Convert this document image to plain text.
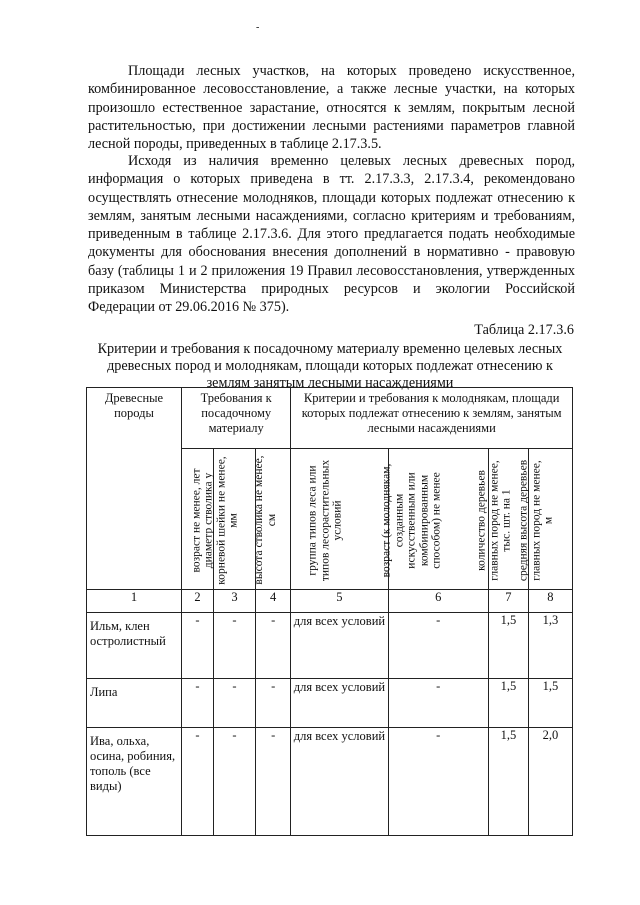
-

Площади лесных участков, на которых проведено искусственное, комбинированное лесовосстановление, а также лесные участки, на которых произошло естественное зарастание, относятся к землям, покрытым лесной растительностью, при достижении лесными растениями параметров главной лесной породы, приведенных в таблице 2.17.3.5.

Исходя из наличия временно целевых лесных древесных пород, информация о которых приведена в тт. 2.17.3.3, 2.17.3.4, рекомендовано осуществлять отнесение молодняков, площади которых подлежат отнесению к землям, занятым лесными насаждениями, согласно критериям и требованиям, приведенным в таблице 2.17.3.6. Для этого предлагается подать необходимые документы для обоснования внесения дополнений в нормативно - правовую базу (таблицы 1 и 2 приложения 19 Правил лесовосстановления, утвержденных приказом Министерства природных ресурсов и экологии Российской Федерации от 29.06.2016 № 375).

Таблица 2.17.3.6
Критерии и требования к посадочному материалу временно целевых лесных древесных пород и молоднякам, площади которых подлежат отнесению к землям занятым лесными насаждениями
Древесные породы	Требования к посадочному материалу			Критерии и требования к молоднякам, площади которых подлежат отнесению к землям, занятым лесными насаждениями			

	возраст не менее, лет	диаметр стволика у корневой шейки не менее, мм	высота стволика не менее, см	группа типов леса или типов лесорастительных условий	возраст (к молоднякам, созданным искусственным или комбинированным способом) не менее	количество деревьев главных пород не менее, тыс. шт. на 1	средняя высота деревьев главных пород не менее, м

1	2	3	4	5	6	7	8
Ильм, клен остролистный	-	-	-	для всех условий	-	1,5	1,3
Липа	-	-	-	для всех условий	-	1,5	1,5
Ива, ольха, осина, робиния, тополь (все виды)	-	-	-	для всех условий	-	1,5	2,0
